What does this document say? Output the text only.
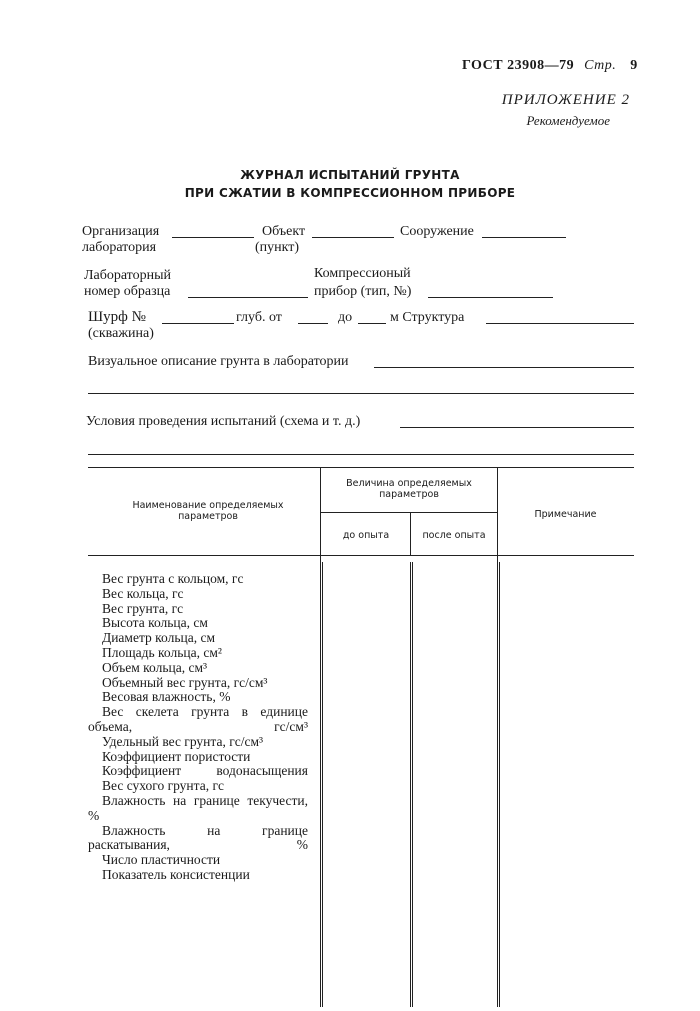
ГОСТ 23908—79 Стр. 9
ПРИЛОЖЕНИЕ 2
Рекомендуемое
ЖУРНАЛ ИСПЫТАНИЙ ГРУНТА
ПРИ СЖАТИИ В КОМПРЕССИОННОМ ПРИБОРЕ
Организация	Объект	Сооружение
лаборатория	(пункт)
Лабораторный
номер образца
Компрессионый
прибор (тип, №)
Шурф №	глуб. от	до	м Структура
(скважина)
Визуальное описание грунта в лаборатории
Условия проведения испытаний (схема и т. д.)
Наименование определяемых параметров
Величина определяемых параметров
до опыта	после опыта
Примечание
Вес грунта с кольцом, гс
Вес кольца, гс
Вес грунта, гс
Высота кольца, см
Диаметр кольца, см
Площадь кольца, см²
Объем кольца, см³
Объемный вес грунта, гс/см³
Весовая влажность, %
Вес скелета грунта в единице объема, гс/см³
Удельный вес грунта, гс/см³
Коэффициент пористости
Коэффициент водонасыщения
Вес сухого грунта, гс
Влажность на границе текучести, %
Влажность на границе раскатывания, %
Число пластичности
Показатель консистенции
